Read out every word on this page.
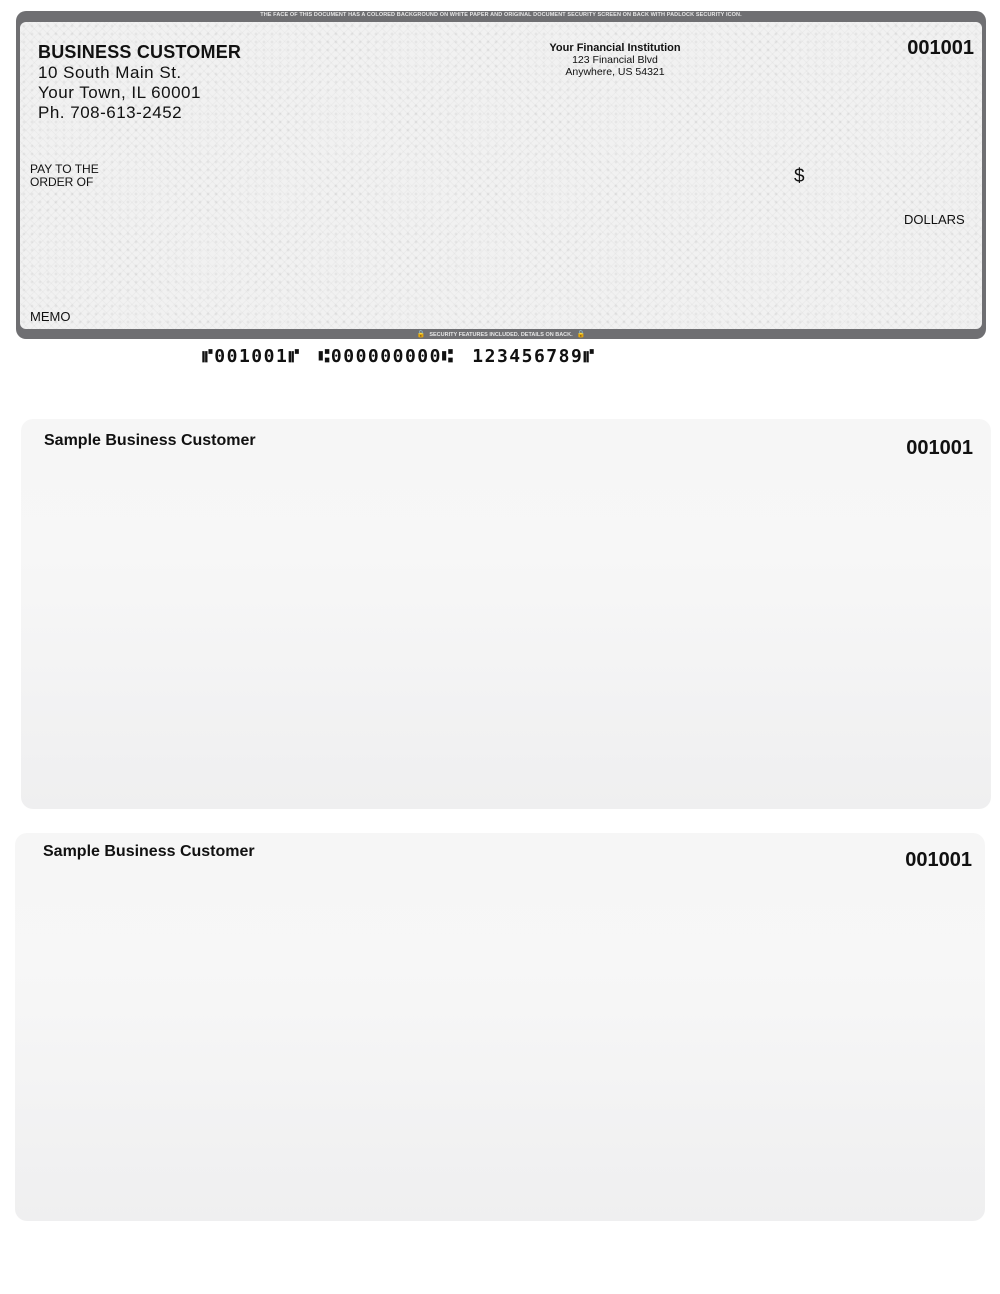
THE FACE OF THIS DOCUMENT HAS A COLORED BACKGROUND ON WHITE PAPER AND ORIGINAL DOCUMENT SECURITY SCREEN ON BACK WITH PADLOCK SECURITY ICON.
BUSINESS CUSTOMER
10 South Main St.
Your Town, IL 60001
Ph. 708-613-2452
Your Financial Institution
123 Financial Blvd
Anywhere, US 54321
001001
PAY TO THE
ORDER OF	$
DOLLARS
MEMO
🔒 SECURITY FEATURES INCLUDED. DETAILS ON BACK. 🔒
⑈001001⑈ ⑆000000000⑆ 123456789⑈
Sample Business Customer	001001
Sample Business Customer	001001
